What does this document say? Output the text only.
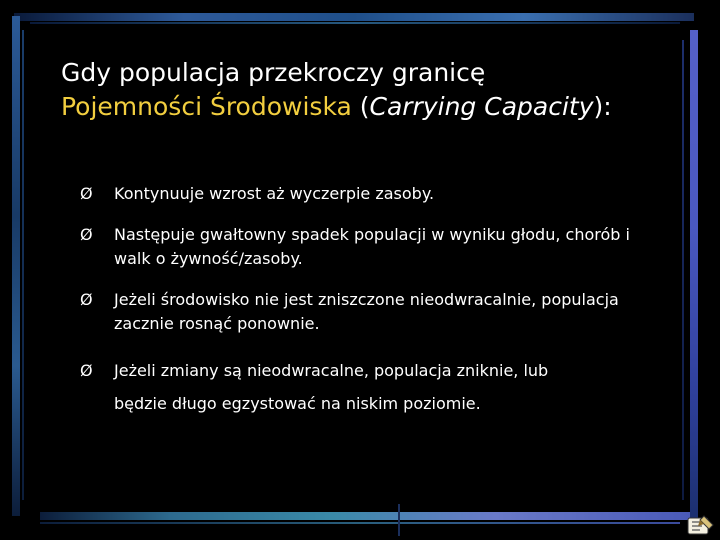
Gdy populacja przekroczy granicę
Pojemności Środowiska (Carrying Capacity):
Ø Kontynuuje wzrost aż wyczerpie zasoby.
Ø Następuje gwałtowny spadek populacji w wyniku głodu, chorób i walk o żywność/zasoby.
Ø Jeżeli środowisko nie jest zniszczone nieodwracalnie, populacja zacznie rosnąć ponownie.
Ø Jeżeli zmiany są nieodwracalne, populacja zniknie, lub
będzie długo egzystować na niskim poziomie.
